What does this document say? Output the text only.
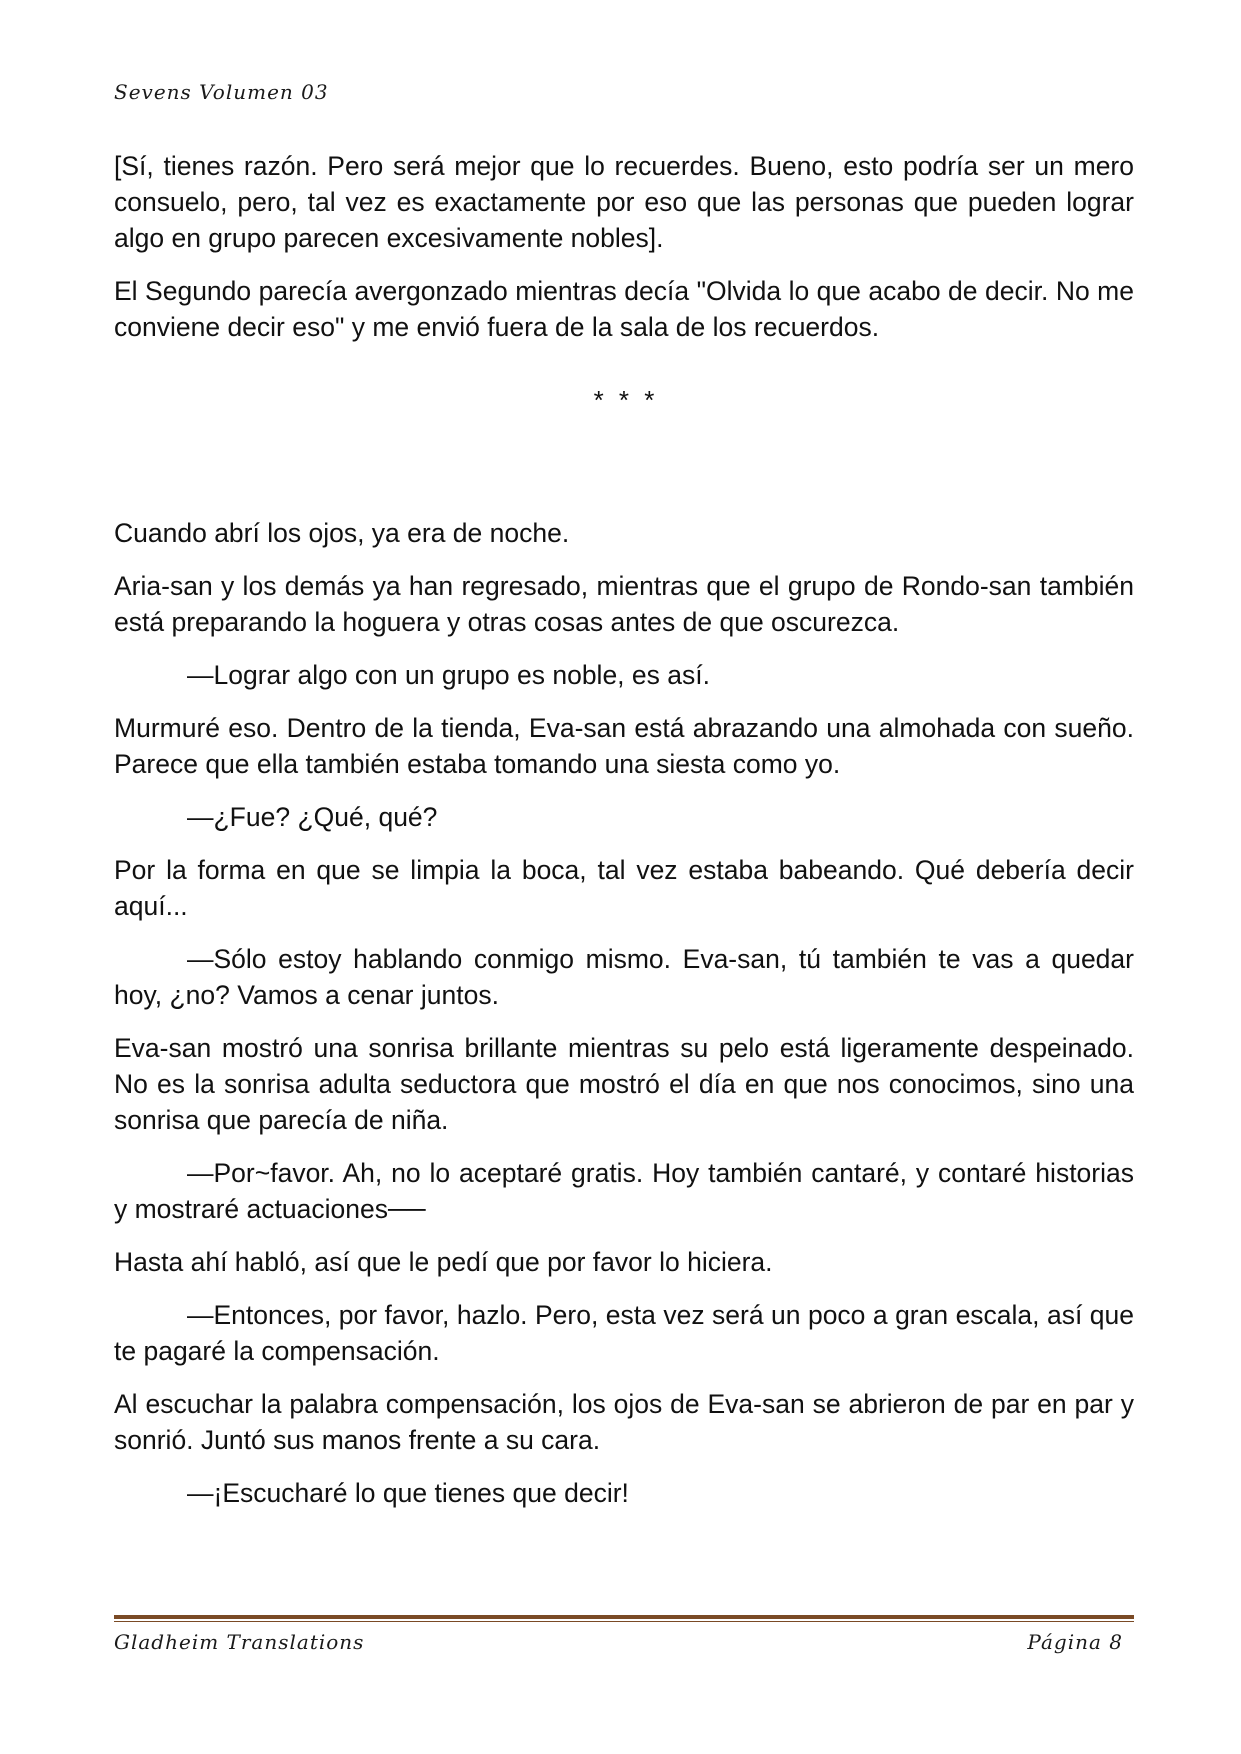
Sevens Volumen 03

[Sí, tienes razón. Pero será mejor que lo recuerdes. Bueno, esto podría ser un mero consuelo, pero, tal vez es exactamente por eso que las personas que pueden lograr algo en grupo parecen excesivamente nobles].

El Segundo parecía avergonzado mientras decía "Olvida lo que acabo de decir. No me conviene decir eso" y me envió fuera de la sala de los recuerdos.

* * *

Cuando abrí los ojos, ya era de noche.

Aria-san y los demás ya han regresado, mientras que el grupo de Rondo-san también está preparando la hoguera y otras cosas antes de que oscurezca.

—Lograr algo con un grupo es noble, es así.

Murmuré eso. Dentro de la tienda, Eva-san está abrazando una almohada con sueño. Parece que ella también estaba tomando una siesta como yo.

—¿Fue? ¿Qué, qué?

Por la forma en que se limpia la boca, tal vez estaba babeando. Qué debería decir aquí...

—Sólo estoy hablando conmigo mismo. Eva-san, tú también te vas a quedar hoy, ¿no? Vamos a cenar juntos.

Eva-san mostró una sonrisa brillante mientras su pelo está ligeramente despeinado. No es la sonrisa adulta seductora que mostró el día en que nos conocimos, sino una sonrisa que parecía de niña.

—Por~favor. Ah, no lo aceptaré gratis. Hoy también cantaré, y contaré historias y mostraré actuaciones──

Hasta ahí habló, así que le pedí que por favor lo hiciera.

—Entonces, por favor, hazlo. Pero, esta vez será un poco a gran escala, así que te pagaré la compensación.

Al escuchar la palabra compensación, los ojos de Eva-san se abrieron de par en par y sonrió. Juntó sus manos frente a su cara.

—¡Escucharé lo que tienes que decir!

Gladheim Translations	Página 8
